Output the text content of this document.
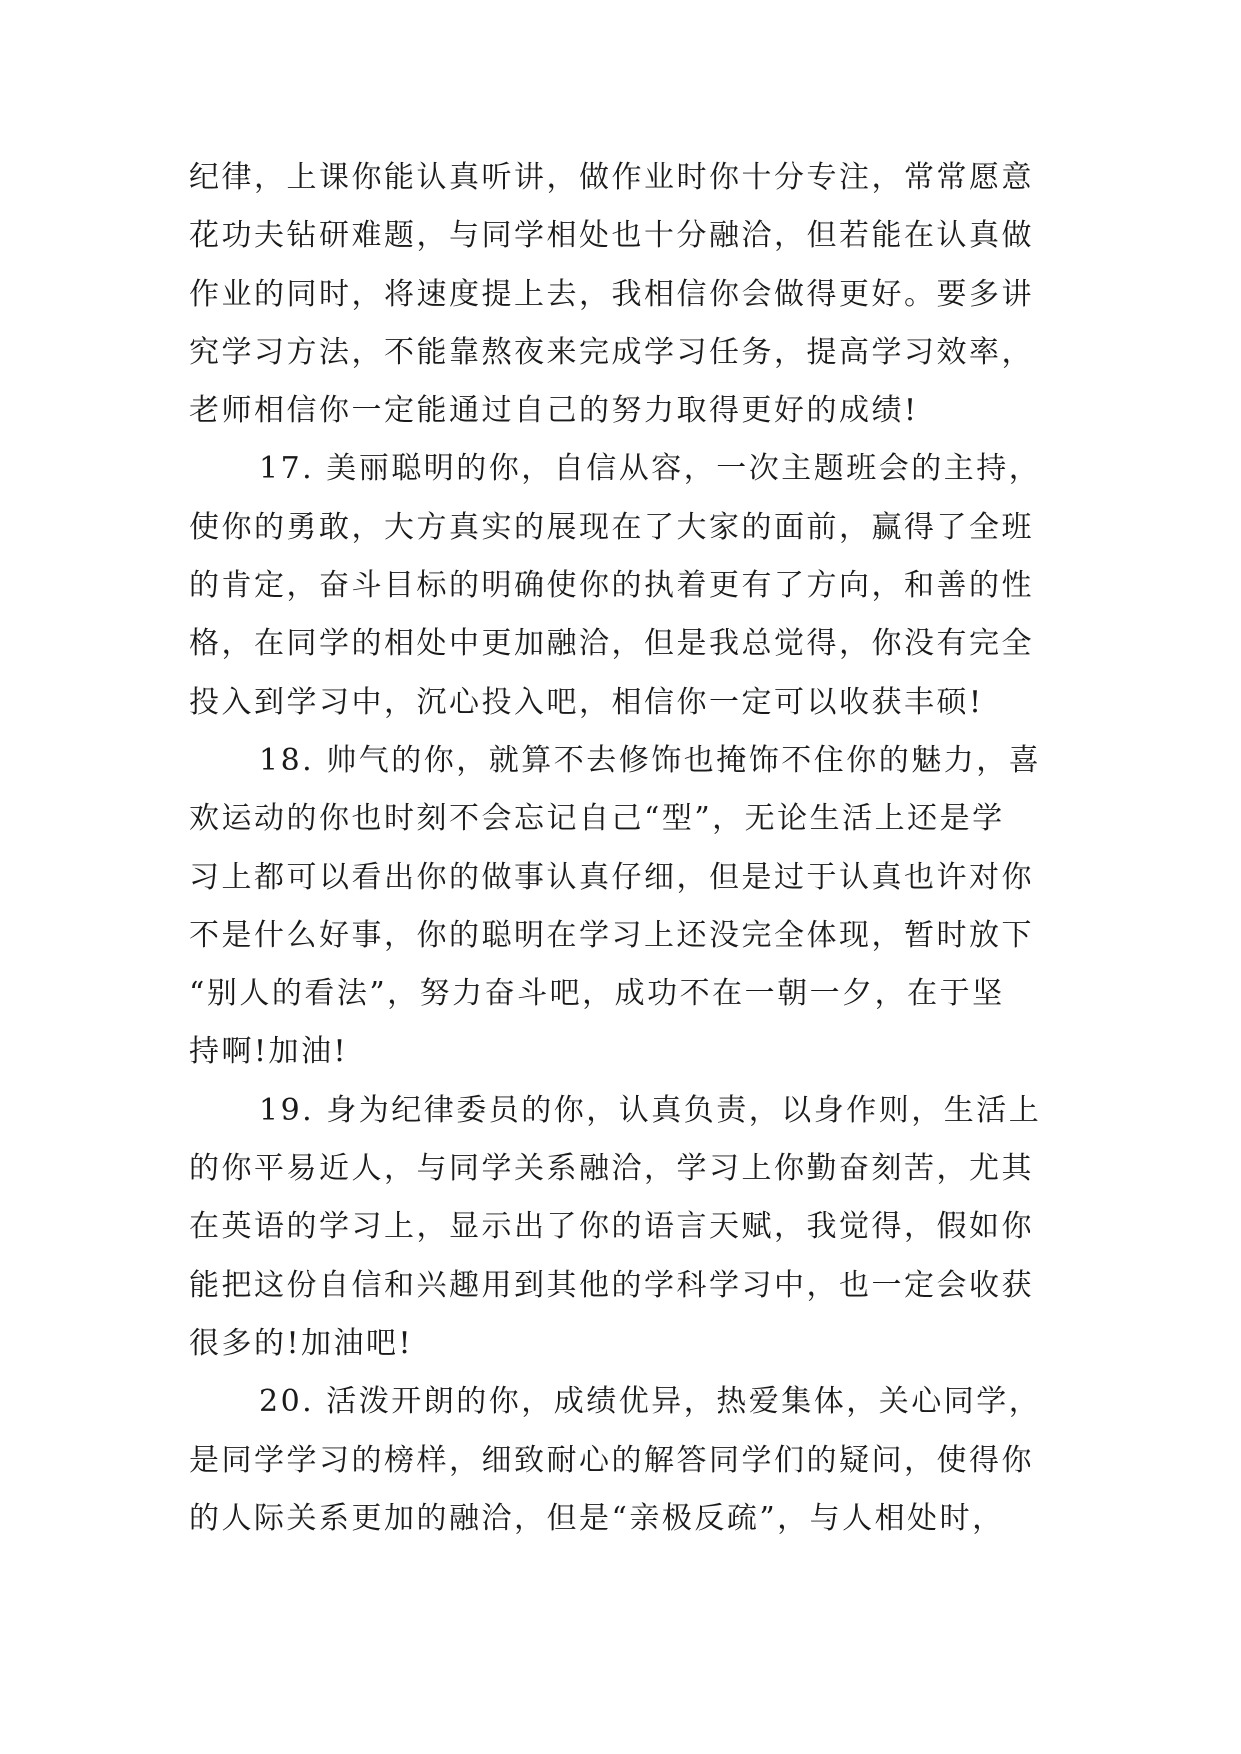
纪律，上课你能认真听讲，做作业时你十分专注，常常愿意
花功夫钻研难题，与同学相处也十分融洽，但若能在认真做
作业的同时，将速度提上去，我相信你会做得更好。要多讲
究学习方法，不能靠熬夜来完成学习任务，提高学习效率，
老师相信你一定能通过自己的努力取得更好的成绩!
17. 美丽聪明的你，自信从容，一次主题班会的主持，
使你的勇敢，大方真实的展现在了大家的面前，赢得了全班
的肯定，奋斗目标的明确使你的执着更有了方向，和善的性
格，在同学的相处中更加融洽，但是我总觉得，你没有完全
投入到学习中，沉心投入吧，相信你一定可以收获丰硕!
18. 帅气的你，就算不去修饰也掩饰不住你的魅力，喜
欢运动的你也时刻不会忘记自己“型”，无论生活上还是学
习上都可以看出你的做事认真仔细，但是过于认真也许对你
不是什么好事，你的聪明在学习上还没完全体现，暂时放下
“别人的看法”，努力奋斗吧，成功不在一朝一夕，在于坚
持啊!加油!
19. 身为纪律委员的你，认真负责，以身作则，生活上
的你平易近人，与同学关系融洽，学习上你勤奋刻苦，尤其
在英语的学习上，显示出了你的语言天赋，我觉得，假如你
能把这份自信和兴趣用到其他的学科学习中，也一定会收获
很多的!加油吧!
20. 活泼开朗的你，成绩优异，热爱集体，关心同学，
是同学学习的榜样，细致耐心的解答同学们的疑问，使得你
的人际关系更加的融洽，但是“亲极反疏”，与人相处时，
